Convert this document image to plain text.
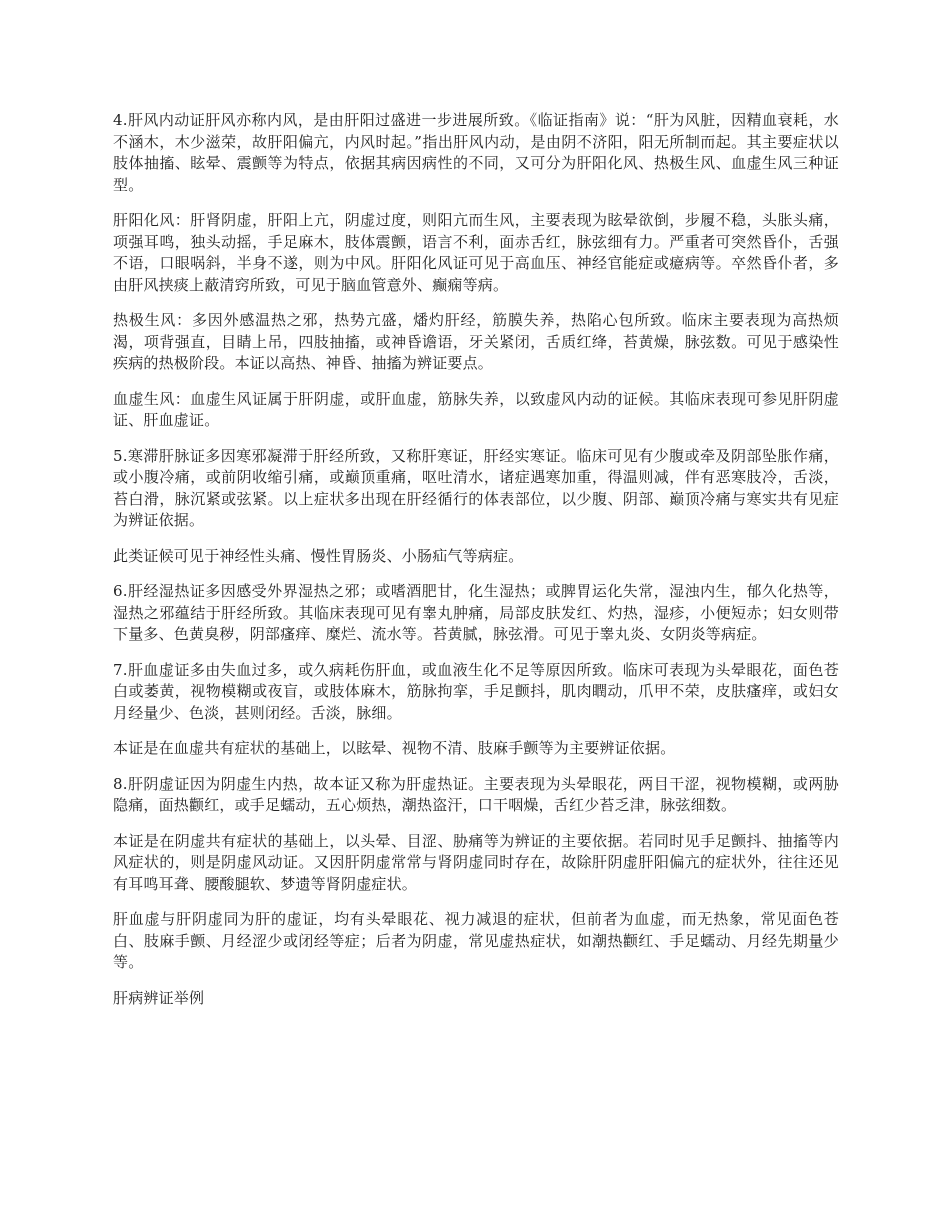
4.肝风内动证肝风亦称内风，是由肝阳过盛进一步进展所致。《临证指南》说：“肝为风脏，因精血衰耗，水不涵木，木少滋荣，故肝阳偏亢，内风时起。”指出肝风内动，是由阴不济阳，阳无所制而起。其主要症状以肢体抽搐、眩晕、震颤等为特点，依据其病因病性的不同，又可分为肝阳化风、热极生风、血虚生风三种证型。

肝阳化风：肝肾阴虚，肝阳上亢，阴虚过度，则阳亢而生风，主要表现为眩晕欲倒，步履不稳，头胀头痛，项强耳鸣，独头动摇，手足麻木，肢体震颤，语言不利，面赤舌红，脉弦细有力。严重者可突然昏仆，舌强不语，口眼㖞斜，半身不遂，则为中风。肝阳化风证可见于高血压、神经官能症或癔病等。卒然昏仆者，多由肝风挟痰上蔽清窍所致，可见于脑血管意外、癫痫等病。

热极生风：多因外感温热之邪，热势亢盛，燔灼肝经，筋膜失养，热陷心包所致。临床主要表现为高热烦渴，项背强直，目睛上吊，四肢抽搐，或神昏谵语，牙关紧闭，舌质红绛，苔黄燥，脉弦数。可见于感染性疾病的热极阶段。本证以高热、神昏、抽搐为辨证要点。

血虚生风：血虚生风证属于肝阴虚，或肝血虚，筋脉失养，以致虚风内动的证候。其临床表现可参见肝阴虚证、肝血虚证。

5.寒滞肝脉证多因寒邪凝滞于肝经所致，又称肝寒证，肝经实寒证。临床可见有少腹或牵及阴部坠胀作痛，或小腹冷痛，或前阴收缩引痛，或巅顶重痛，呕吐清水，诸症遇寒加重，得温则减，伴有恶寒肢冷，舌淡，苔白滑，脉沉紧或弦紧。以上症状多出现在肝经循行的体表部位，以少腹、阴部、巅顶冷痛与寒实共有见症为辨证依据。

此类证候可见于神经性头痛、慢性胃肠炎、小肠疝气等病症。

6.肝经湿热证多因感受外界湿热之邪；或嗜酒肥甘，化生湿热；或脾胃运化失常，湿浊内生，郁久化热等，湿热之邪蕴结于肝经所致。其临床表现可见有睾丸肿痛，局部皮肤发红、灼热，湿疹，小便短赤；妇女则带下量多、色黄臭秽，阴部瘙痒、糜烂、流水等。苔黄腻，脉弦滑。可见于睾丸炎、女阴炎等病症。

7.肝血虚证多由失血过多，或久病耗伤肝血，或血液生化不足等原因所致。临床可表现为头晕眼花，面色苍白或萎黄，视物模糊或夜盲，或肢体麻木，筋脉拘挛，手足颤抖，肌肉瞤动，爪甲不荣，皮肤瘙痒，或妇女月经量少、色淡，甚则闭经。舌淡，脉细。

本证是在血虚共有症状的基础上，以眩晕、视物不清、肢麻手颤等为主要辨证依据。

8.肝阴虚证因为阴虚生内热，故本证又称为肝虚热证。主要表现为头晕眼花，两目干涩，视物模糊，或两胁隐痛，面热颧红，或手足蠕动，五心烦热，潮热盗汗，口干咽燥，舌红少苔乏津，脉弦细数。

本证是在阴虚共有症状的基础上，以头晕、目涩、胁痛等为辨证的主要依据。若同时见手足颤抖、抽搐等内风症状的，则是阴虚风动证。又因肝阴虚常常与肾阴虚同时存在，故除肝阴虚肝阳偏亢的症状外，往往还见有耳鸣耳聋、腰酸腿软、梦遗等肾阴虚症状。

肝血虚与肝阴虚同为肝的虚证，均有头晕眼花、视力减退的症状，但前者为血虚，而无热象，常见面色苍白、肢麻手颤、月经涩少或闭经等症；后者为阴虚，常见虚热症状，如潮热颧红、手足蠕动、月经先期量少等。

肝病辨证举例
